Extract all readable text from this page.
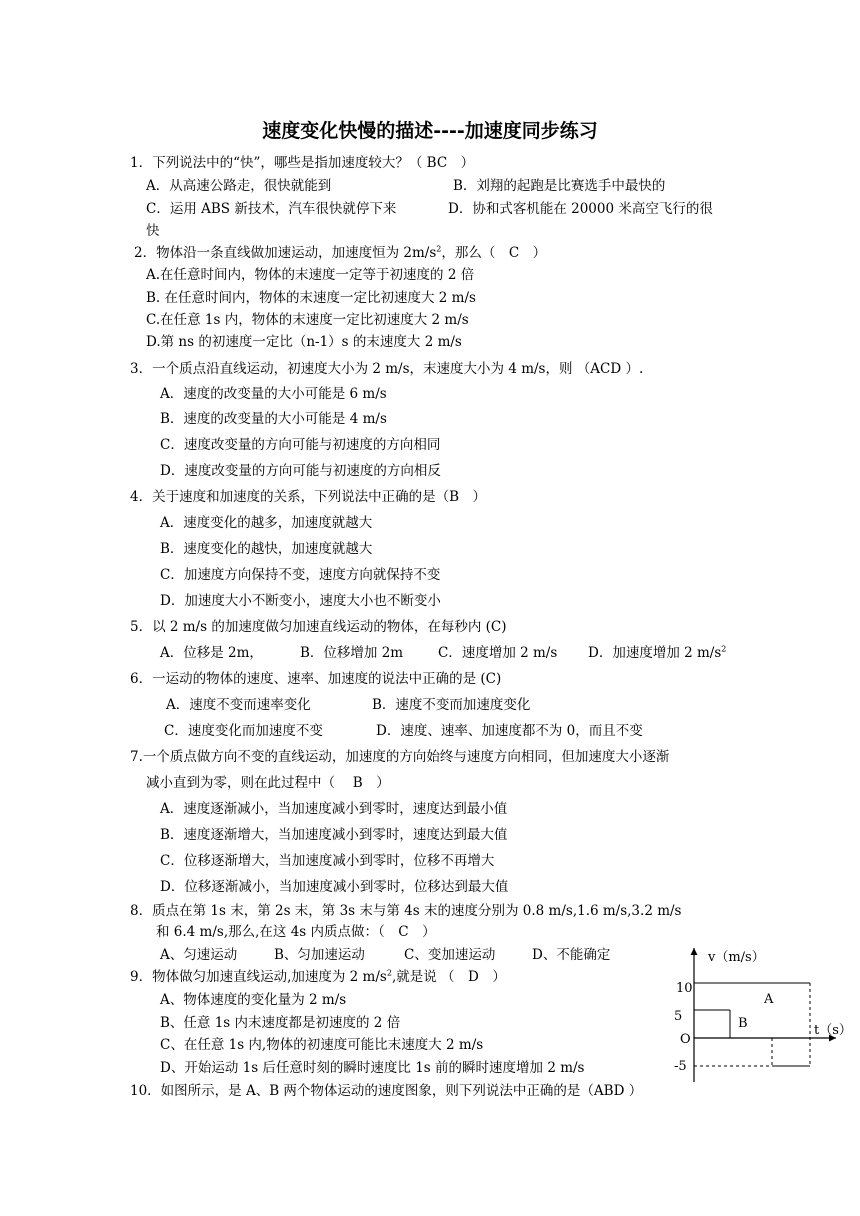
速度变化快慢的描述----加速度同步练习
1．下列说法中的“快”，哪些是指加速度较大？（ BC　）
A．从高速公路走，很快就能到	B．刘翔的起跑是比赛选手中最快的
C．运用 ABS 新技术，汽车很快就停下来	D．协和式客机能在 20000 米高空飞行的很
快
2．物体沿一条直线做加速运动，加速度恒为 $2m/s^2$，那么（　C　）
A.在任意时间内，物体的末速度一定等于初速度的 2 倍
B. 在任意时间内，物体的末速度一定比初速度大 2 m/s
C.在任意 1s 内，物体的末速度一定比初速度大 2 m/s
D.第 ns 的初速度一定比（n-1）s 的末速度大 2 m/s
3．一个质点沿直线运动，初速度大小为 2 m/s，末速度大小为 4 m/s，则 （ACD ）.
A．速度的改变量的大小可能是 6 m/s
B．速度的改变量的大小可能是 4 m/s
C．速度改变量的方向可能与初速度的方向相同
D．速度改变量的方向可能与初速度的方向相反
4．关于速度和加速度的关系，下列说法中正确的是（B　）
A．速度变化的越多，加速度就越大
B．速度变化的越快，加速度就越大
C．加速度方向保持不变，速度方向就保持不变
D．加速度大小不断变小，速度大小也不断变小
5．以 2 m/s 的加速度做匀加速直线运动的物体，在每秒内 (C)
A．位移是 2m，	B．位移增加 2m	C．速度增加 2 m/s D．加速度增加 2 $m/s^2$
6．一运动的物体的速度、速率、加速度的说法中正确的是 (C)
A．速度不变而速率变化	B．速度不变而加速度变化
C．速度变化而加速度不变	D．速度、速率、加速度都不为 0，而且不变
7.一个质点做方向不变的直线运动，加速度的方向始终与速度方向相同，但加速度大小逐渐
减小直到为零，则在此过程中（　 B　）
A．速度逐渐减小，当加速度减小到零时，速度达到最小值
B．速度逐渐增大，当加速度减小到零时，速度达到最大值
C．位移逐渐增大，当加速度减小到零时，位移不再增大
D．位移逐渐减小，当加速度减小到零时，位移达到最大值
8．质点在第 1s 末，第 2s 末，第 3s 末与第 4s 末的速度分别为 0.8 m/s,1.6 m/s,3.2 m/s
和 6.4 m/s,那么,在这 4s 内质点做：（　C　）
A、匀速运动	B、匀加速运动	C、变加速运动	D、不能确定
9．物体做匀加速直线运动,加速度为 2 $m/s^2$,就是说 （　D　）
A、物体速度的变化量为 2 m/s
B、任意 1s 内末速度都是初速度的 2 倍
C、在任意 1s 内,物体的初速度可能比末速度大 2 m/s
D、开始运动 1s 后任意时刻的瞬时速度比 1s 前的瞬时速度增加 2 m/s
10．如图所示，是 A、B 两个物体运动的速度图象，则下列说法中正确的是（ABD ）
v（m/s）
t（s）
O
10
5
-5
A
B
